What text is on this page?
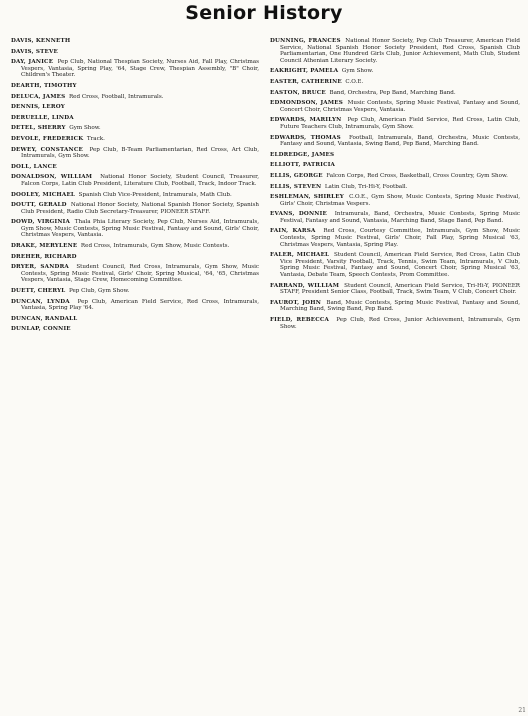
Senior History
DAVIS, KENNETH
DAVIS, STEVE
DAY, JANICE Pep Club, National Thespian Society, Nurses Aid, Fall Play, Christmas Vespers, Vantasia, Spring Play, '64, Stage Crew, Thespian Assembly, "B" Choir, Children's Theater.
DEARTH, TIMOTHY
DELUCA, JAMES Red Cross, Football, Intramurals.
DENNIS, LEROY
DERUELLE, LINDA
DETEL, SHERRY Gym Show.
DEVOLE, FREDERICK Track.
DEWEY, CONSTANCE Pep Club, B-Team Parliamentarian, Red Cross, Art Club, Intramurals, Gym Show.
DOLL, LANCE
DONALDSON, WILLIAM National Honor Society, Student Council, Treasurer, Falcon Corps, Latin Club President, Literature Club, Football, Track, Indoor Track.
DOOLEY, MICHAEL Spanish Club Vice-President, Intramurals, Math Club.
DOUTT, GERALD National Honor Society, National Spanish Honor Society, Spanish Club President, Radio Club Secretary-Treasurer, PIONEER STAFF.
DOWD, VIRGINIA Thala Phia Literary Society, Pep Club, Nurses Aid, Intramurals, Gym Show, Music Contests, Spring Music Festival, Fantasy and Sound, Girls' Choir, Christmas Vespers, Vantasia.
DRAKE, MERYLENE Red Cross, Intramurals, Gym Show, Music Contests.
DREHER, RICHARD
DRYER, SANDRA Student Council, Red Cross, Intramurals, Gym Show, Music Contests, Spring Music Festival, Girls' Choir, Spring Musical, '64, '65, Christmas Vespers, Vantasia, Stage Crew, Homecoming Committee.
DUETT, CHERYL Pep Club, Gym Show.
DUNCAN, LYNDA Pep Club, American Field Service, Red Cross, Intramurals, Vantasia, Spring Play '64.
DUNCAN, RANDALL
DUNLAP, CONNIE
DUNNING, FRANCES National Honor Society, Pep Club Treasurer, American Field Service, National Spanish Honor Society President, Red Cross, Spanish Club Parliamentarian, One Hundred Girls Club, Junior Achievement, Math Club, Student Council Athenian Literary Society.
EAKRIGHT, PAMELA Gym Show.
EASTER, CATHERINE C.O.E.
EASTON, BRUCE Band, Orchestra, Pep Band, Marching Band.
EDMONDSON, JAMES Music Contests, Spring Music Festival, Fantasy and Sound, Concert Choir, Christmas Vespers, Vantasia.
EDWARDS, MARILYN Pep Club, American Field Service, Red Cross, Latin Club, Future Teachers Club, Intramurals, Gym Show.
EDWARDS, THOMAS Football, Intramurals, Band, Orchestra, Music Contests, Fantasy and Sound, Vantasia, Swing Band, Pep Band, Marching Band.
ELDREDGE, JAMES
ELLIOTT, PATRICIA
ELLIS, GEORGE Falcon Corps, Red Cross, Basketball, Cross Country, Gym Show.
ELLIS, STEVEN Latin Club, Tri-Hi-Y, Football.
ESHLEMAN, SHIRLEY C.O.E., Gym Show, Music Contests, Spring Music Festival, Girls' Choir, Christmas Vespers.
EVANS, DONNIE Intramurals, Band, Orchestra, Music Contests, Spring Music Festival, Fantasy and Sound, Vantasia, Marching Band, Stage Band, Pep Band.
FAIN, KARSA Red Cross, Courtesy Committee, Intramurals, Gym Show, Music Contests, Spring Music Festival, Girls' Choir, Fall Play, Spring Musical '63, Christmas Vespers, Vantasia, Spring Play.
FALER, MICHAEL Student Council, American Field Service, Red Cross, Latin Club Vice President, Varsity Football, Track, Tennis, Swim Team, Intramurals, V Club, Spring Music Festival, Fantasy and Sound, Concert Choir, Spring Musical '63, Vantasia, Debate Team, Speech Contests, Prom Committee.
FARRAND, WILLIAM Student Council, American Field Service, Tri-Hi-Y, PIONEER STAFF, President Senior Class, Football, Track, Swim Team, V Club, Concert Choir.
FAUROT, JOHN Band, Music Contests, Spring Music Festival, Fantasy and Sound, Marching Band, Swing Band, Pep Band.
FIELD, REBECCA Pep Club, Red Cross, Junior Achievement, Intramurals, Gym Show.
21
